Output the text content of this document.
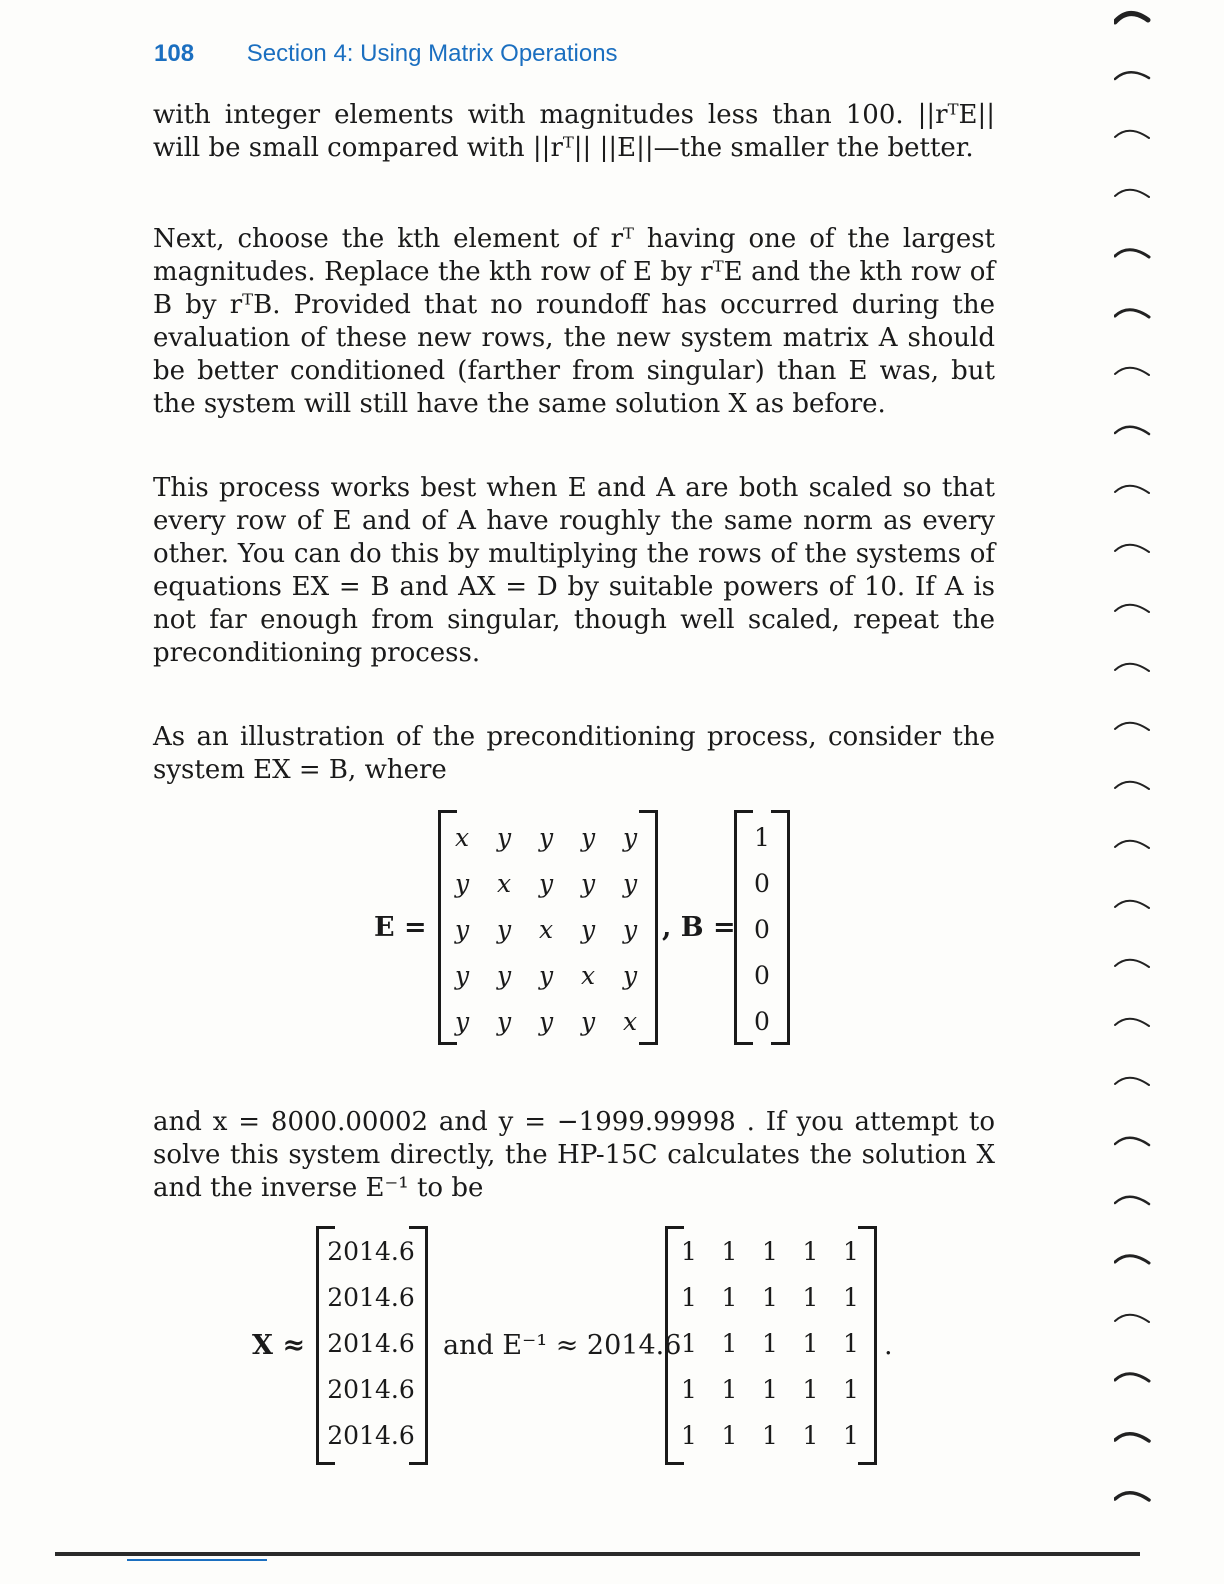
108 Section 4: Using Matrix Operations

with integer elements with magnitudes less than 100. ||rᵀE|| will be small compared with ||rᵀ|| ||E||—the smaller the better.

Next, choose the kth element of rᵀ having one of the largest magnitudes. Replace the kth row of E by rᵀE and the kth row of B by rᵀB. Provided that no roundoff has occurred during the evaluation of these new rows, the new system matrix A should be better conditioned (farther from singular) than E was, but the system will still have the same solution X as before.

This process works best when E and A are both scaled so that every row of E and of A have roughly the same norm as every other. You can do this by multiplying the rows of the systems of equations EX = B and AX = D by suitable powers of 10. If A is not far enough from singular, though well scaled, repeat the preconditioning process.

As an illustration of the preconditioning process, consider the system EX = B, where

E =
x	y	y	y	y
y	x	y	y	y
y	y	x	y	y
y	y	y	x	y
y	y	y	y	x
, B =
1
0
0
0
0

and x = 8000.00002 and y = −1999.99998 . If you attempt to solve this system directly, the HP-15C calculates the solution X and the inverse E⁻¹ to be

X ≈
2014.6
2014.6
2014.6
2014.6
2014.6
and E⁻¹ ≈ 2014.6
1 1 1 1 1
1 1 1 1 1
1 1 1 1 1
1 1 1 1 1
1 1 1 1 1
.
